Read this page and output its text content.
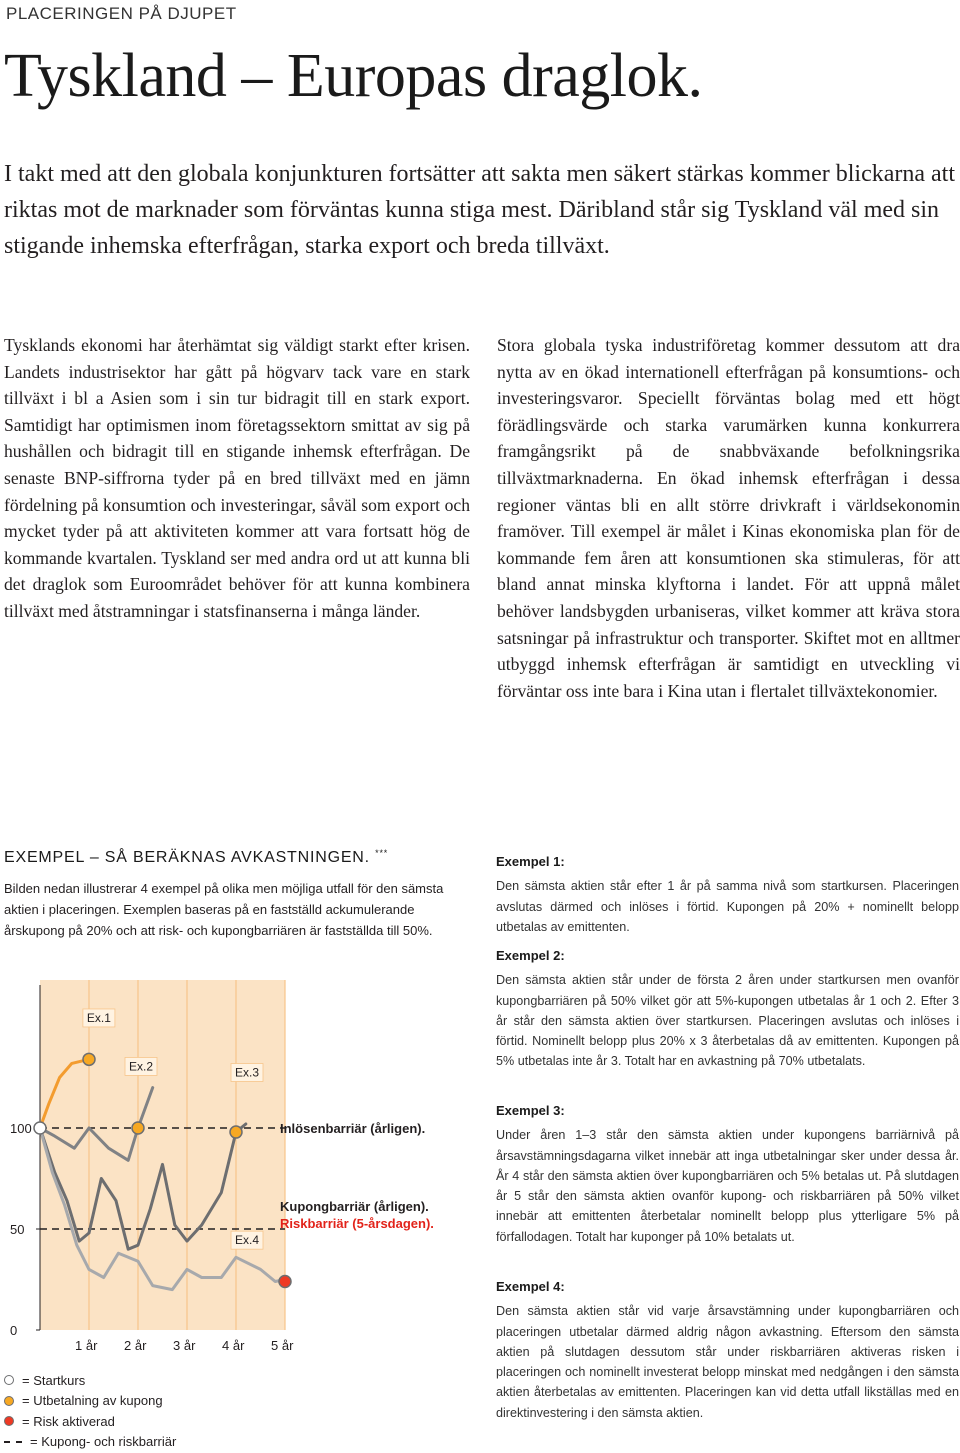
PLACERINGEN PÅ DJUPET
Tyskland – Europas draglok.

I takt med att den globala konjunkturen fortsätter att sakta men säkert stärkas kommer blickarna att riktas mot de marknader som förväntas kunna stiga mest. Däribland står sig Tyskland väl med sin stigande inhemska efterfrågan, starka export och breda tillväxt.

Tysklands ekonomi har återhämtat sig väldigt starkt efter krisen. Landets industrisektor har gått på högvarv tack vare en stark tillväxt i bl a Asien som i sin tur bidragit till en stark export. Samtidigt har optimismen inom företagssektorn smittat av sig på hushållen och bidragit till en stigande inhemsk efterfrågan. De senaste BNP-siffrorna tyder på en bred tillväxt med en jämn fördelning på konsumtion och investeringar, såväl som export och mycket tyder på att aktiviteten kommer att vara fortsatt hög de kommande kvartalen. Tyskland ser med andra ord ut att kunna bli det draglok som Euroområdet behöver för att kunna kombinera tillväxt med åtstramningar i statsfinanserna i många länder.

Stora globala tyska industriföretag kommer dessutom att dra nytta av en ökad internationell efterfrågan på konsumtions- och investeringsvaror. Speciellt förväntas bolag med ett högt förädlingsvärde och starka varumärken kunna konkurrera framgångsrikt på de snabbväxande befolkningsrika tillväxtmarknaderna. En ökad inhemsk efterfrågan i dessa regioner väntas bli en allt större drivkraft i världsekonomin framöver. Till exempel är målet i Kinas ekonomiska plan för de kommande fem åren att konsumtionen ska stimuleras, för att bland annat minska klyftorna i landet. För att uppnå målet behöver landsbygden urbaniseras, vilket kommer att kräva stora satsningar på infrastruktur och transporter. Skiftet mot en alltmer utbyggd inhemsk efterfrågan är samtidigt en utveckling vi förväntar oss inte bara i Kina utan i flertalet tillväxtekonomier.

EXEMPEL – SÅ BERÄKNAS AVKASTNINGEN. ***

Bilden nedan illustrerar 4 exempel på olika men möjliga utfall för den sämsta aktien i placeringen. Exemplen baseras på en fastställd ackumulerande årskupong på 20% och att risk- och kupongbarriären är fastställda till 50%.

100
50
0
1 år 2 år 3 år 4 år 5 år
Ex.1
Ex.2	Ex.3
Ex.4
Inlösenbarriär (årligen).
Kupongbarriär (årligen).
Riskbarriär (5-årsdagen).
= Startkurs
= Utbetalning av kupong
= Risk aktiverad
= Kupong- och riskbarriär
Exempel 1:

Den sämsta aktien står efter 1 år på samma nivå som startkursen. Placeringen avslutas därmed och inlöses i förtid. Kupongen på 20% + nominellt belopp utbetalas av emittenten.

Exempel 2:

Den sämsta aktien står under de första 2 åren under startkursen men ovanför kupongbarriären på 50% vilket gör att 5%-kupongen utbetalas år 1 och 2. Efter 3 år står den sämsta aktien över startkursen. Placeringen avslutas och inlöses i förtid. Nominellt belopp plus 20% x 3 återbetalas då av emittenten. Kupongen på 5% utbetalas inte år 3. Totalt har en avkastning på 70% utbetalats.

Exempel 3:

Under åren 1–3 står den sämsta aktien under kupongens barriärnivå på årsavstämningsdagarna vilket innebär att inga utbetalningar sker under dessa år. År 4 står den sämsta aktien över kupongbarriären och 5% betalas ut. På slutdagen år 5 står den sämsta aktien ovanför kupong- och riskbarriären på 50% vilket innebär att emittenten återbetalar nominellt belopp plus ytterligare 5% på förfallodagen. Totalt har kuponger på 10% betalats ut.

Exempel 4:

Den sämsta aktien står vid varje årsavstämning under kupongbarriären och placeringen utbetalar därmed aldrig någon avkastning. Eftersom den sämsta aktien på slutdagen dessutom står under riskbarriären aktiveras risken i placeringen och nominellt investerat belopp minskat med nedgången i den sämsta aktien återbetalas av emittenten. Placeringen kan vid detta utfall likställas med en direktinvestering i den sämsta aktien.
